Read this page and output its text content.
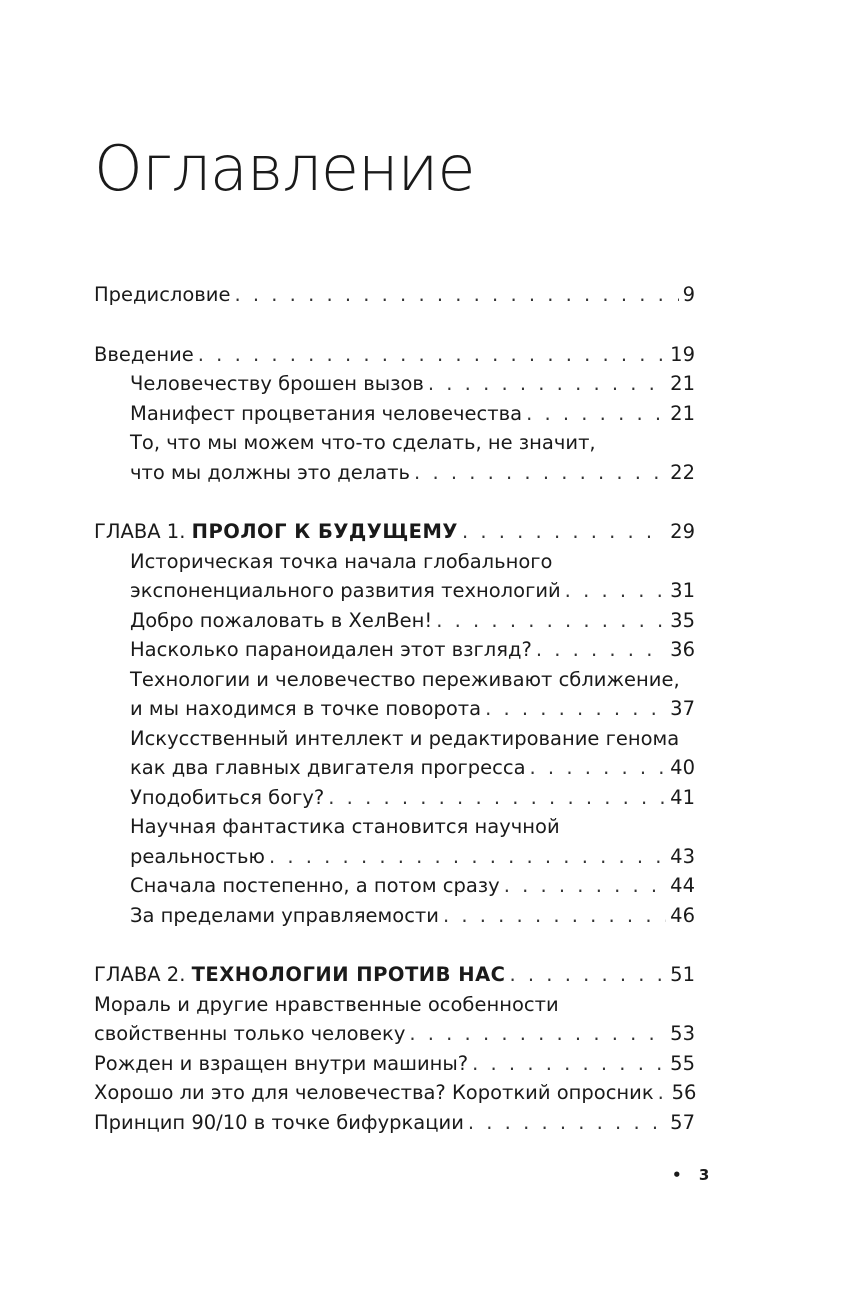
Оглавление
Предисловие . . .	9
Введение . . .	19
Человечеству брошен вызов . . .	21
Манифест процветания человечества . . .	21
То, что мы можем что-то сделать, не значит,
что мы должны это делать . . .	22
ГЛАВА 1. ПРОЛОГ К БУДУЩЕМУ . . .	29
Историческая точка начала глобального
экспоненциального развития технологий . . .	31
Добро пожаловать в ХелВен! . . .	35
Насколько параноидален этот взгляд? . . .	36
Технологии и человечество переживают сближение,
и мы находимся в точке поворота . . .	37
Искусственный интеллект и редактирование генома
как два главных двигателя прогресса . . .	40
Уподобиться богу? . . .	41
Научная фантастика становится научной
реальностью . . .	43
Сначала постепенно, а потом сразу . . .	44
За пределами управляемости . . .	46
ГЛАВА 2. ТЕХНОЛОГИИ ПРОТИВ НАС . . .	51
Мораль и другие нравственные особенности
свойственны только человеку . . .	53
Рожден и взращен внутри машины? . . .	55
Хорошо ли это для человечества? Короткий опросник . . . 56
Принцип 90/10 в точке бифуркации . . .	57
• 3
